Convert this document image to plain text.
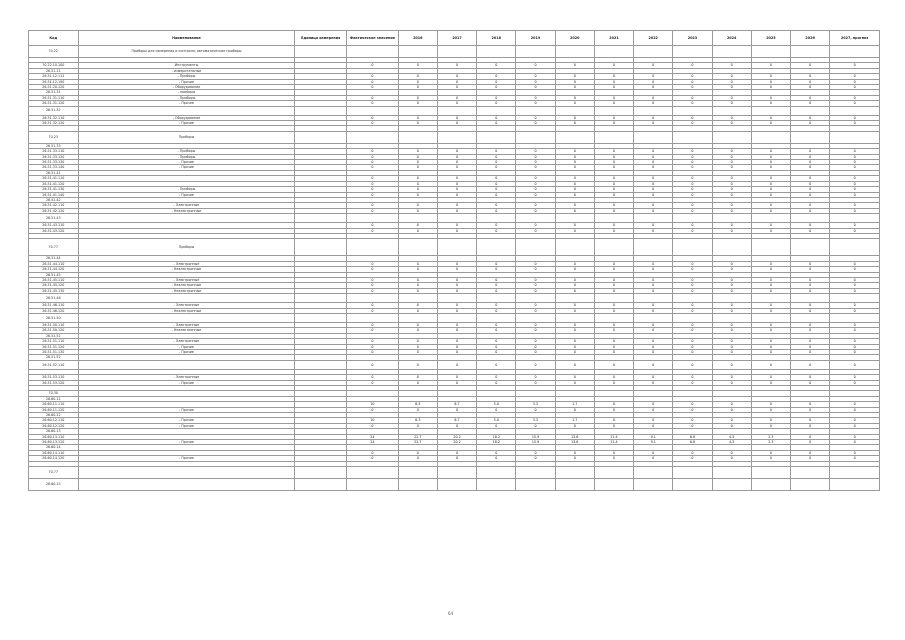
Код	Наименование	Единица измерения	Фактическое значение	2016	2017	2018	2019	2020	2021	2022	2023	2024	2025	2026	2027, прогноз
70.22	Приборы для измерения и контроля, автоматические приборы														

70.22.10.100	Инструменты		0	0	0	0	0	0	0	0	0	0	0	0	0
26.51.11	- измерительные														
26.51.12.111	- Приборы		0	0	0	0	0	0	0	0	0	0	0	0	0
26.51.12.190	- Прочие		0	0	0	0	0	0	0	0	0	0	0	0	0
26.51.20.120	- Оборудование		0	0	0	0	0	0	0	0	0	0	0	0	0
26.51.31	- приборы														
26.51.31.110	- Приборы		0	0	0	0	0	0	0	0	0	0	0	0	0
26.51.31.120	- Прочее		0	0	0	0	0	0	0	0	0	0	0	0	0
26.51.32															
26.51.32.110	- Оборудование		0	0	0	0	0	0	0	0	0	0	0	0	0
26.51.32.120	- Прочие		0	0	0	0	0	0	0	0	0	0	0	0	0

70.23	Приборы														
26.51.33															
26.51.33.110	- Приборы		0	0	0	0	0	0	0	0	0	0	0	0	0
26.51.33.120	- Приборы		0	0	0	0	0	0	0	0	0	0	0	0	0
26.51.33.130	- Прочие		0	0	0	0	0	0	0	0	0	0	0	0	0
26.51.33.140	- Прочие		0	0	0	0	0	0	0	0	0	0	0	0	0
26.51.41															
26.51.41.110			0	0	0	0	0	0	0	0	0	0	0	0	0
26.51.41.120			0	0	0	0	0	0	0	0	0	0	0	0	0
26.51.41.130	- Приборы		0	0	0	0	0	0	0	0	0	0	0	0	0
26.51.41.140	- Прочие		0	0	0	0	0	0	0	0	0	0	0	0	0
26.51.42															
26.51.42.110	- Электронные		0	0	0	0	0	0	0	0	0	0	0	0	0
26.51.42.120	- Неэлектронные		0	0	0	0	0	0	0	0	0	0	0	0	0
26.51.43															
26.51.43.110			0	0	0	0	0	0	0	0	0	0	0	0	0
26.51.43.120			0	0	0	0	0	0	0	0	0	0	0	0	0

70.77	Приборы														
26.51.44															
26.51.44.110	- Электронные		0	0	0	0	0	0	0	0	0	0	0	0	0
26.51.44.120	- Неэлектронные		0	0	0	0	0	0	0	0	0	0	0	0	0
26.51.45															
26.51.45.110	- Электронные		0	0	0	0	0	0	0	0	0	0	0	0	0
26.51.45.120	- Неэлектронные		0	0	0	0	0	0	0	0	0	0	0	0	0
26.51.45.130	- Неэлектронные		0	0	0	0	0	0	0	0	0	0	0	0	0
26.51.46															
26.51.46.110	- Электронные		0	0	0	0	0	0	0	0	0	0	0	0	0
26.51.46.120	- Неэлектронные		0	0	0	0	0	0	0	0	0	0	0	0	0
26.51.50															
26.51.50.110	- Электронные		0	0	0	0	0	0	0	0	0	0	0	0	0
26.51.50.120	- Неэлектронные		0	0	0	0	0	0	0	0	0	0	0	0	0
26.51.51															
26.51.51.110	- Электронные		0	0	0	0	0	0	0	0	0	0	0	0	0
26.51.51.120	- Прочие		0	0	0	0	0	0	0	0	0	0	0	0	0
26.51.51.130	- Прочие		0	0	0	0	0	0	0	0	0	0	0	0	0
26.51.52															
26.51.52.110			0	0	0	0	0	0	0	0	0	0	0	0	0

26.51.53.110	- Электронные		0	0	0	0	0	0	0	0	0	0	0	0	0
26.51.53.120	- Прочие		0	0	0	0	0	0	0	0	0	0	0	0	0

70.30															
26.60.11															
26.60.11.110			10	8.5	6.7	5.0	3.3	1.7	0	0	0	0	0	0	0
26.60.11.120	- Прочие		0	0	0	0	0	0	0	0	0	0	0	0	0
26.60.12															
26.60.12.110	- Прочие		10	8.3	6.7	5.0	3.3	1.7	0	0	0	0	0	0	0
26.60.12.120	- Прочие		0	0	0	0	0	0	0	0	0	0	0	0	0
26.60.13															
26.60.13.110			24	22.7	20.2	18.2	15.9	13.6	11.4	9.1	6.8	4.5	2.3	0	0
26.60.13.120	- Прочие		24	22.7	20.2	18.2	15.9	13.6	11.4	9.1	6.8	4.5	2.3	0	0
26.60.14															
26.60.14.110			0	0	0	0	0	0	0	0	0	0	0	0	0
26.60.14.120	- Прочие		0	0	0	0	0	0	0	0	0	0	0	0	0

70.77															
26.60.15															
64
